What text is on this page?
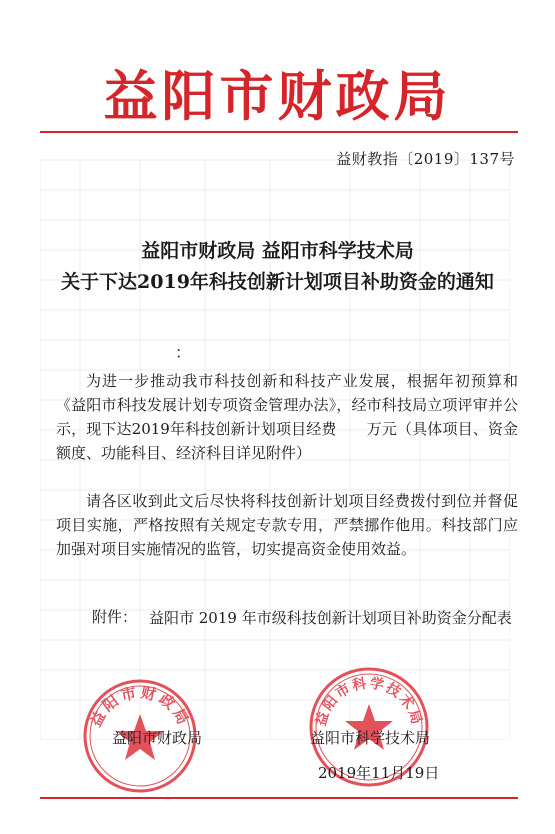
益阳市财政局
益财教指〔2019〕137号
益阳市财政局 益阳市科学技术局
关于下达2019年科技创新计划项目补助资金的通知
：
为进一步推动我市科技创新和科技产业发展，根据年初预算和《益阳市科技发展计划专项资金管理办法》，经市科技局立项评审并公示，现下达2019年科技创新计划项目经费　　万元（具体项目、资金额度、功能科目、经济科目详见附件）
请各区收到此文后尽快将科技创新计划项目经费拨付到位并督促项目实施，严格按照有关规定专款专用，严禁挪作他用。科技部门应加强对项目实施情况的监管，切实提高资金使用效益。
附件： 益阳市 2019 年市级科技创新计划项目补助资金分配表
益阳市财政局	益阳市科学技术局
益阳市财政局	益阳市科学技术局
2019年11月19日
